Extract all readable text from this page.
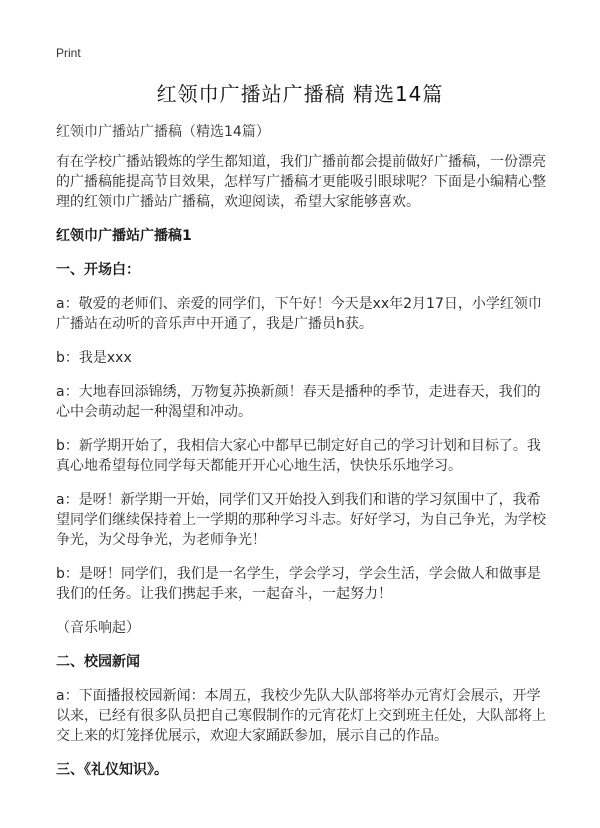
Print
红领巾广播站广播稿 精选14篇
红领巾广播站广播稿（精选14篇）

有在学校广播站锻炼的学生都知道，我们广播前都会提前做好广播稿，一份漂亮的广播稿能提高节目效果，怎样写广播稿才更能吸引眼球呢？下面是小编精心整理的红领巾广播站广播稿，欢迎阅读，希望大家能够喜欢。

红领巾广播站广播稿1
一、开场白：

a：敬爱的老师们、亲爱的同学们，下午好！今天是xx年2月17日，小学红领巾广播站在动听的音乐声中开通了，我是广播员h获。

b：我是xxx

a：大地春回添锦绣，万物复苏换新颜！春天是播种的季节，走进春天，我们的心中会萌动起一种渴望和冲动。

b：新学期开始了，我相信大家心中都早已制定好自己的学习计划和目标了。我真心地希望每位同学每天都能开开心心地生活，快快乐乐地学习。

a：是呀！新学期一开始，同学们又开始投入到我们和谐的学习氛围中了，我希望同学们继续保持着上一学期的那种学习斗志。好好学习，为自己争光，为学校争光，为父母争光，为老师争光！

b：是呀！同学们，我们是一名学生，学会学习，学会生活，学会做人和做事是我们的任务。让我们携起手来，一起奋斗，一起努力！

（音乐响起）

二、校园新闻

a：下面播报校园新闻：本周五，我校少先队大队部将举办元宵灯会展示，开学以来，已经有很多队员把自己寒假制作的元宵花灯上交到班主任处，大队部将上交上来的灯笼择优展示，欢迎大家踊跃参加，展示自己的作品。

三、《礼仪知识》。
